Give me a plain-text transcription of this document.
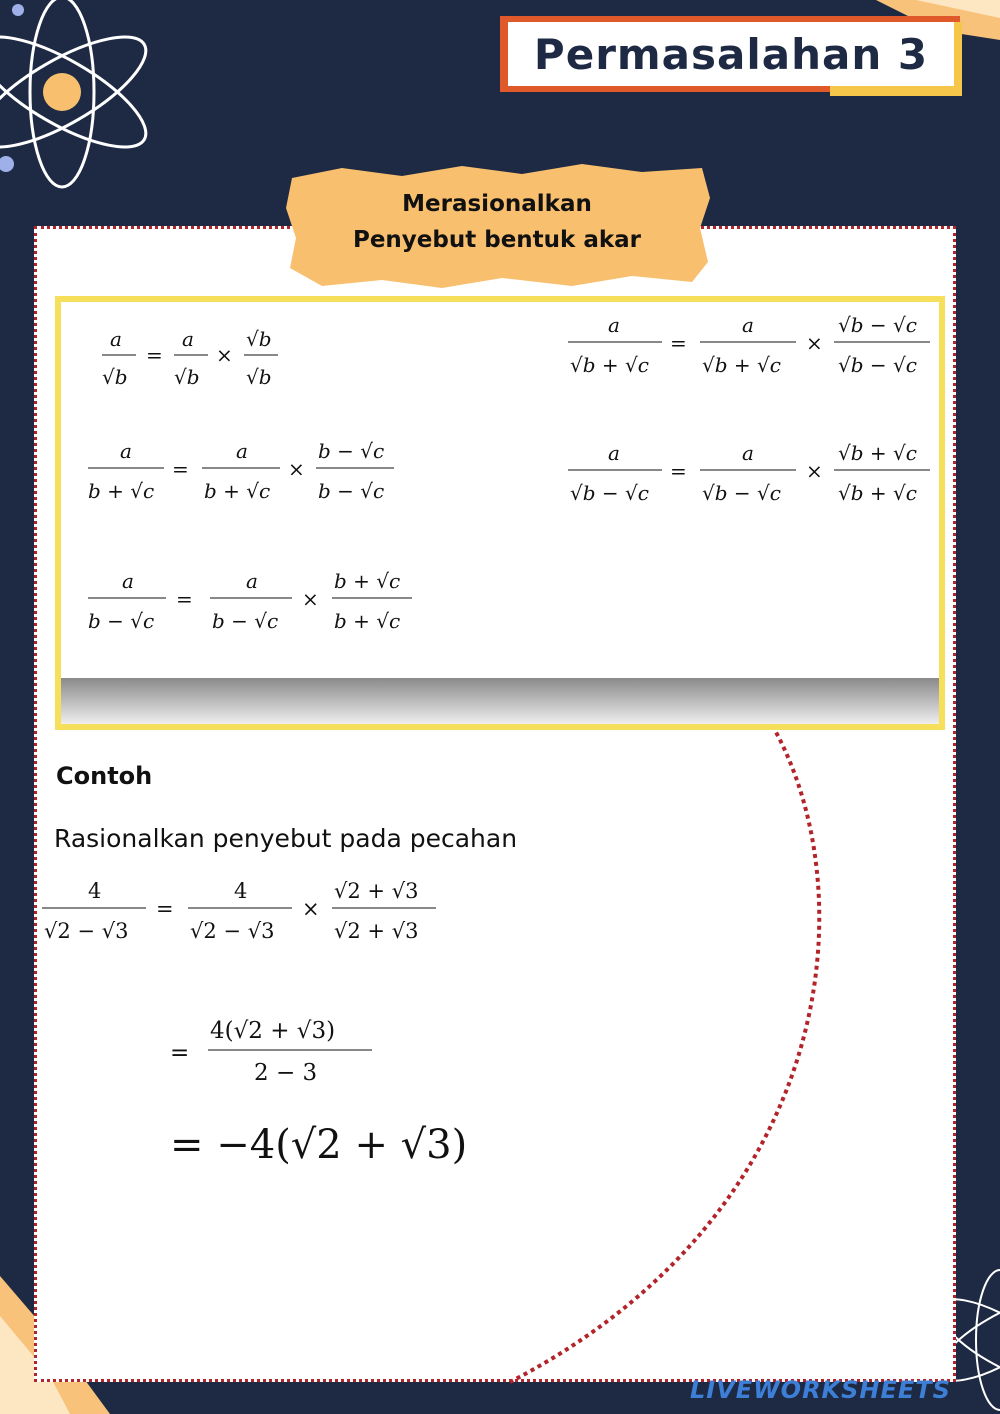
Permasalahan 3
Merasionalkan
Penyebut bentuk akar
a
√b
=
a
√b
×
√b
√b
a
√b + √c
=
a
√b + √c
×
√b − √c
√b − √c
a
b + √c
=
a
b + √c
×
b − √c
b − √c
a
√b − √c
=
a
√b − √c
×
√b + √c
√b + √c
a
b − √c
=
a
b − √c
×
b + √c
b + √c
Contoh
Rasionalkan penyebut pada pecahan
4
√2 − √3
=
4
√2 − √3
×
√2 + √3
√2 + √3
=
4(√2 + √3)
2 − 3
= −4(√2 + √3)
LIVEWORKSHEETS
